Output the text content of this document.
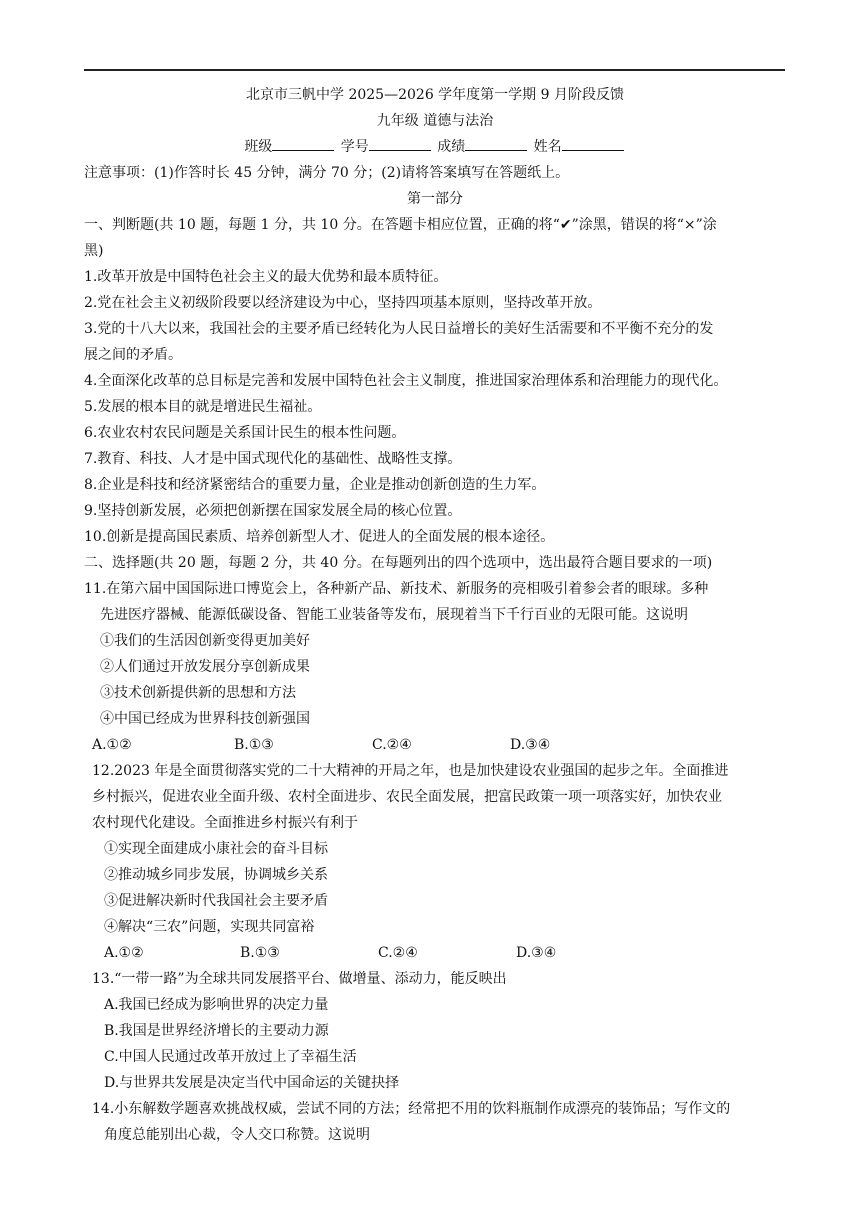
北京市三帆中学 2025—2026 学年度第一学期 9 月阶段反馈
九年级 道德与法治
班级	学号	成绩	姓名
注意事项：(1)作答时长 45 分钟，满分 70 分；(2)请将答案填写在答题纸上。
第一部分
一、判断题(共 10 题，每题 1 分，共 10 分。在答题卡相应位置，正确的将“✔”涂黑，错误的将“×”涂
黑)
1.改革开放是中国特色社会主义的最大优势和最本质特征。
2.党在社会主义初级阶段要以经济建设为中心，坚持四项基本原则，坚持改革开放。
3.党的十八大以来，我国社会的主要矛盾已经转化为人民日益增长的美好生活需要和不平衡不充分的发
展之间的矛盾。
4.全面深化改革的总目标是完善和发展中国特色社会主义制度，推进国家治理体系和治理能力的现代化。
5.发展的根本目的就是增进民生福祉。
6.农业农村农民问题是关系国计民生的根本性问题。
7.教育、科技、人才是中国式现代化的基础性、战略性支撑。
8.企业是科技和经济紧密结合的重要力量，企业是推动创新创造的生力军。
9.坚持创新发展，必须把创新摆在国家发展全局的核心位置。
10.创新是提高国民素质、培养创新型人才、促进人的全面发展的根本途径。
二、选择题(共 20 题，每题 2 分，共 40 分。在每题列出的四个选项中，选出最符合题目要求的一项)
11.在第六届中国国际进口博览会上，各种新产品、新技术、新服务的亮相吸引着参会者的眼球。多种
先进医疗器械、能源低碳设备、智能工业装备等发布，展现着当下千行百业的无限可能。这说明
①我们的生活因创新变得更加美好
②人们通过开放发展分享创新成果
③技术创新提供新的思想和方法
④中国已经成为世界科技创新强国
A.①②	B.①③	C.②④	D.③④
12.2023 年是全面贯彻落实党的二十大精神的开局之年，也是加快建设农业强国的起步之年。全面推进
乡村振兴，促进农业全面升级、农村全面进步、农民全面发展，把富民政策一项一项落实好，加快农业
农村现代化建设。全面推进乡村振兴有利于
①实现全面建成小康社会的奋斗目标
②推动城乡同步发展，协调城乡关系
③促进解决新时代我国社会主要矛盾
④解决“三农”问题，实现共同富裕
A.①②	B.①③	C.②④	D.③④
13.“一带一路”为全球共同发展搭平台、做增量、添动力，能反映出
A.我国已经成为影响世界的决定力量
B.我国是世界经济增长的主要动力源
C.中国人民通过改革开放过上了幸福生活
D.与世界共发展是决定当代中国命运的关键抉择
14.小东解数学题喜欢挑战权威，尝试不同的方法；经常把不用的饮料瓶制作成漂亮的装饰品；写作文的
角度总能别出心裁，令人交口称赞。这说明
